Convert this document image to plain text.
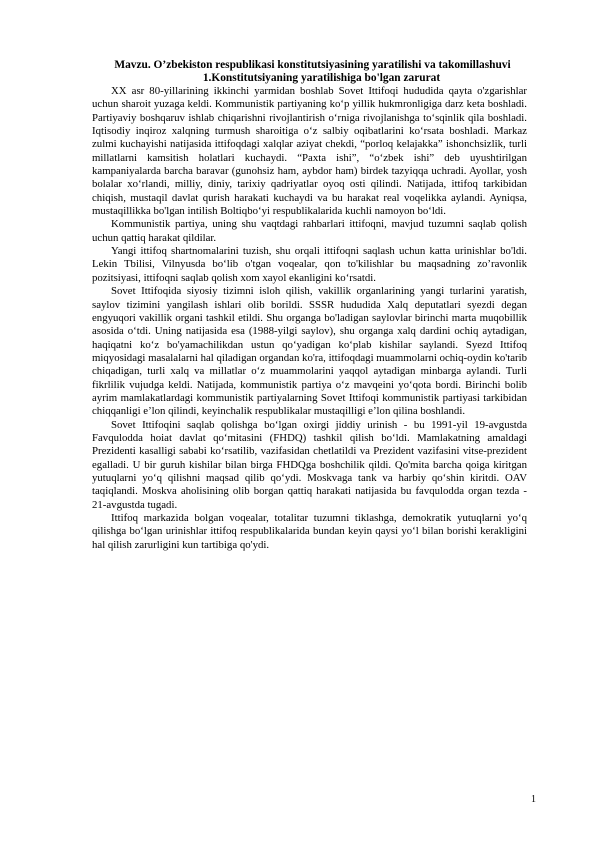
Mavzu. O’zbekiston respublikasi konstitutsiyasining yaratilishi va takomillashuvi

1.Konstitutsiyaning yaratilishiga bo'lgan zarurat

XX asr 80-yillarining ikkinchi yarmidan boshlab Sovet Ittifoqi hududida qayta o'zgarishlar uchun sharoit yuzaga keldi. Kommunistik partiyaning ko‘p yillik hukmronligiga darz keta boshladi. Partiyaviy boshqaruv ishlab chiqarishni rivojlantirish o‘rniga rivojlanishga to‘sqinlik qila boshladi. Iqtisodiy inqiroz xalqning turmush sharoitiga o‘z salbiy oqibatlarini ko‘rsata boshladi. Markaz zulmi kuchayishi natijasida ittifoqdagi xalqlar aziyat chekdi, “porloq kelajakka” ishonchsizlik, turli millatlarni kamsitish holatlari kuchaydi. “Paxta ishi”, “o‘zbek ishi” deb uyushtirilgan kampaniyalarda barcha baravar (gunohsiz ham, aybdor ham) birdek tazyiqqa uchradi. Ayollar, yosh bolalar xo‘rlandi, milliy, diniy, tarixiy qadriyatlar oyoq osti qilindi. Natijada, ittifoq tarkibidan chiqish, mustaqil davlat qurish harakati kuchaydi va bu harakat real voqelikka aylandi. Ayniqsa, mustaqillikka bo'lgan intilish Boltiqbo‘yi respublikalarida kuchli namoyon bo‘ldi.

Kommunistik partiya, uning shu vaqtdagi rahbarlari ittifoqni, mavjud tuzumni saqlab qolish uchun qattiq harakat qildilar.

Yangi ittifoq shartnomalarini tuzish, shu orqali ittifoqni saqlash uchun katta urinishlar bo'ldi. Lekin Tbilisi, Vilnyusda bo‘lib o'tgan voqealar, qon to'kilishlar bu maqsadning zo’ravonlik pozitsiyasi, ittifoqni saqlab qolish xom xayol ekanligini ko‘rsatdi.

Sovet Ittifoqida siyosiy tizimni isloh qilish, vakillik organlarining yangi turlarini yaratish, saylov tizimini yangilash ishlari olib borildi. SSSR hududida Xalq deputatlari syezdi degan engyuqori vakillik organi tashkil etildi. Shu organga bo'ladigan saylovlar birinchi marta muqobillik asosida o‘tdi. Uning natijasida esa (1988-yilgi saylov), shu organga xalq dardini ochiq aytadigan, haqiqatni ko‘z bo'yamachilikdan ustun qo‘yadigan ko‘plab kishilar saylandi. Syezd Ittifoq miqyosidagi masalalarni hal qiladigan organdan ko'ra, ittifoqdagi muammolarni ochiq-oydin ko'tarib chiqadigan, turli xalq va millatlar o‘z muammolarini yaqqol aytadigan minbarga aylandi. Turli fikrlilik vujudga keldi. Natijada, kommunistik partiya o‘z mavqeini yo‘qota bordi. Birinchi bolib ayrim mamlakatlardagi kommunistik partiyalarning Sovet Ittifoqi kommunistik partiyasi tarkibidan chiqqanligi e’lon qilindi, keyinchalik respublikalar mustaqilligi e’lon qilina boshlandi.

Sovet Ittifoqini saqlab qolishga bo‘lgan oxirgi jiddiy urinish - bu 1991-yil 19-avgustda Favqulodda hoiat davlat qo‘mitasini (FHDQ) tashkil qilish bo‘ldi. Mamlakatning amaldagi Prezidenti kasalligi sababi ko‘rsatilib, vazifasidan chetlatildi va Prezident vazifasini vitse-prezident egalladi. U bir guruh kishilar bilan birga FHDQga boshchilik qildi. Qo'mita barcha qoiga kiritgan yutuqlarni yo‘q qilishni maqsad qilib qo‘ydi. Moskvaga tank va harbiy qo‘shin kiritdi. OAV taqiqlandi. Moskva aholisining olib borgan qattiq harakati natijasida bu favqulodda organ tezda - 21-avgustda tugadi.

Ittifoq markazida bolgan voqealar, totalitar tuzumni tiklashga, demokratik yutuqlarni yo‘q qilishga bo‘lgan urinishlar ittifoq respublikalarida bundan keyin qaysi yo‘l bilan borishi kerakligini hal qilish zarurligini kun tartibiga qo'ydi.

1
